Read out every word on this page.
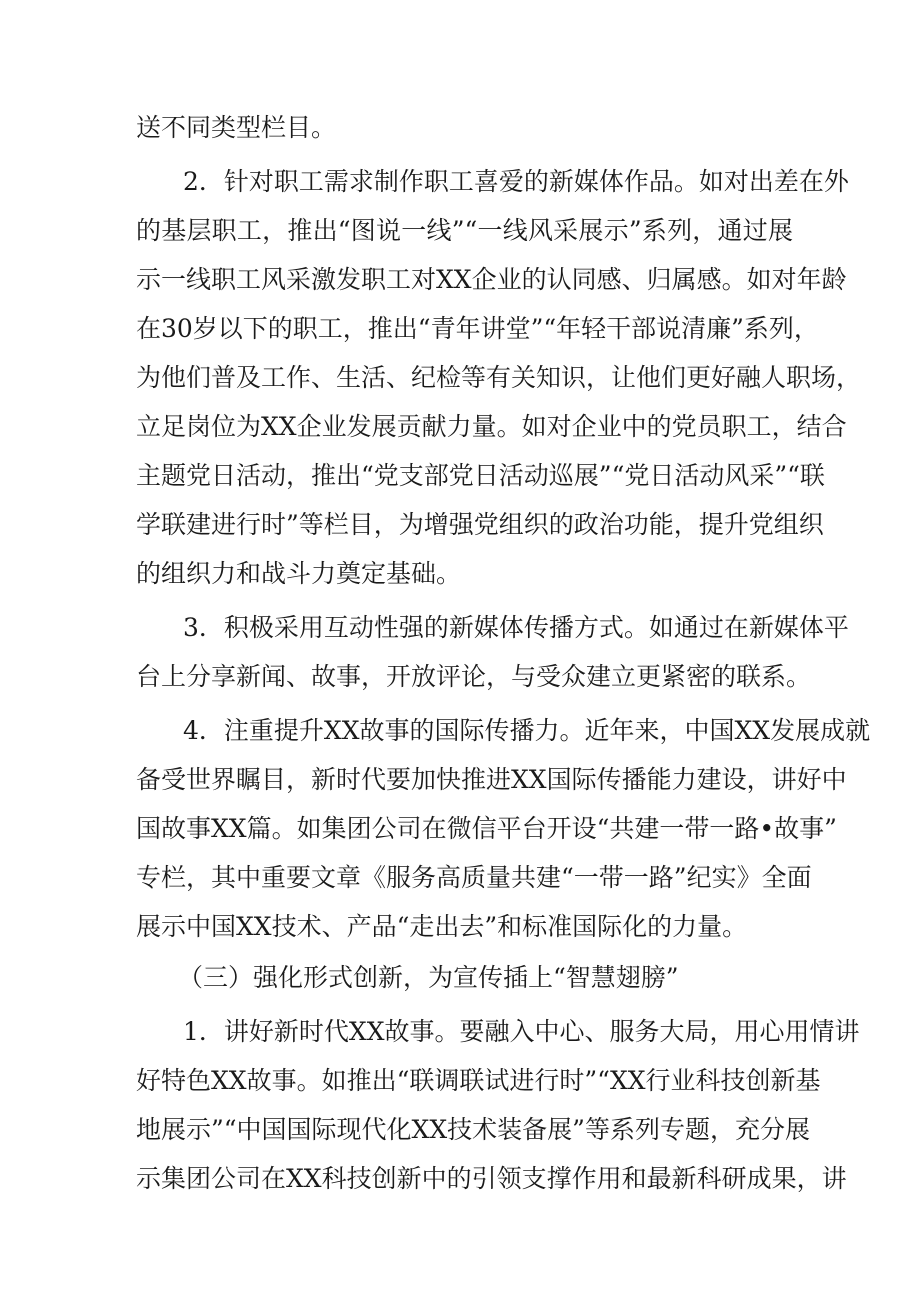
送不同类型栏目。
2．针对职工需求制作职工喜爱的新媒体作品。如对出差在外
的基层职工，推出“图说一线”“一线风采展示”系列，通过展
示一线职工风采激发职工对XX企业的认同感、归属感。如对年龄
在30岁以下的职工，推出“青年讲堂”“年轻干部说清廉”系列，
为他们普及工作、生活、纪检等有关知识，让他们更好融人职场，
立足岗位为XX企业发展贡献力量。如对企业中的党员职工，结合
主题党日活动，推出“党支部党日活动巡展”“党日活动风采”“联
学联建进行时”等栏目，为增强党组织的政治功能，提升党组织
的组织力和战斗力奠定基础。
3．积极采用互动性强的新媒体传播方式。如通过在新媒体平
台上分享新闻、故事，开放评论，与受众建立更紧密的联系。
4．注重提升XX故事的国际传播力。近年来，中国XX发展成就
备受世界瞩目，新时代要加快推进XX国际传播能力建设，讲好中
国故事XX篇。如集团公司在微信平台开设“共建一带一路•故事”
专栏，其中重要文章《服务高质量共建“一带一路”纪实》全面
展示中国XX技术、产品“走出去”和标准国际化的力量。
（三）强化形式创新，为宣传插上“智慧翅膀”
1．讲好新时代XX故事。要融入中心、服务大局，用心用情讲
好特色XX故事。如推出“联调联试进行时”“XX行业科技创新基
地展示”“中国国际现代化XX技术装备展”等系列专题，充分展
示集团公司在XX科技创新中的引领支撑作用和最新科研成果，讲
